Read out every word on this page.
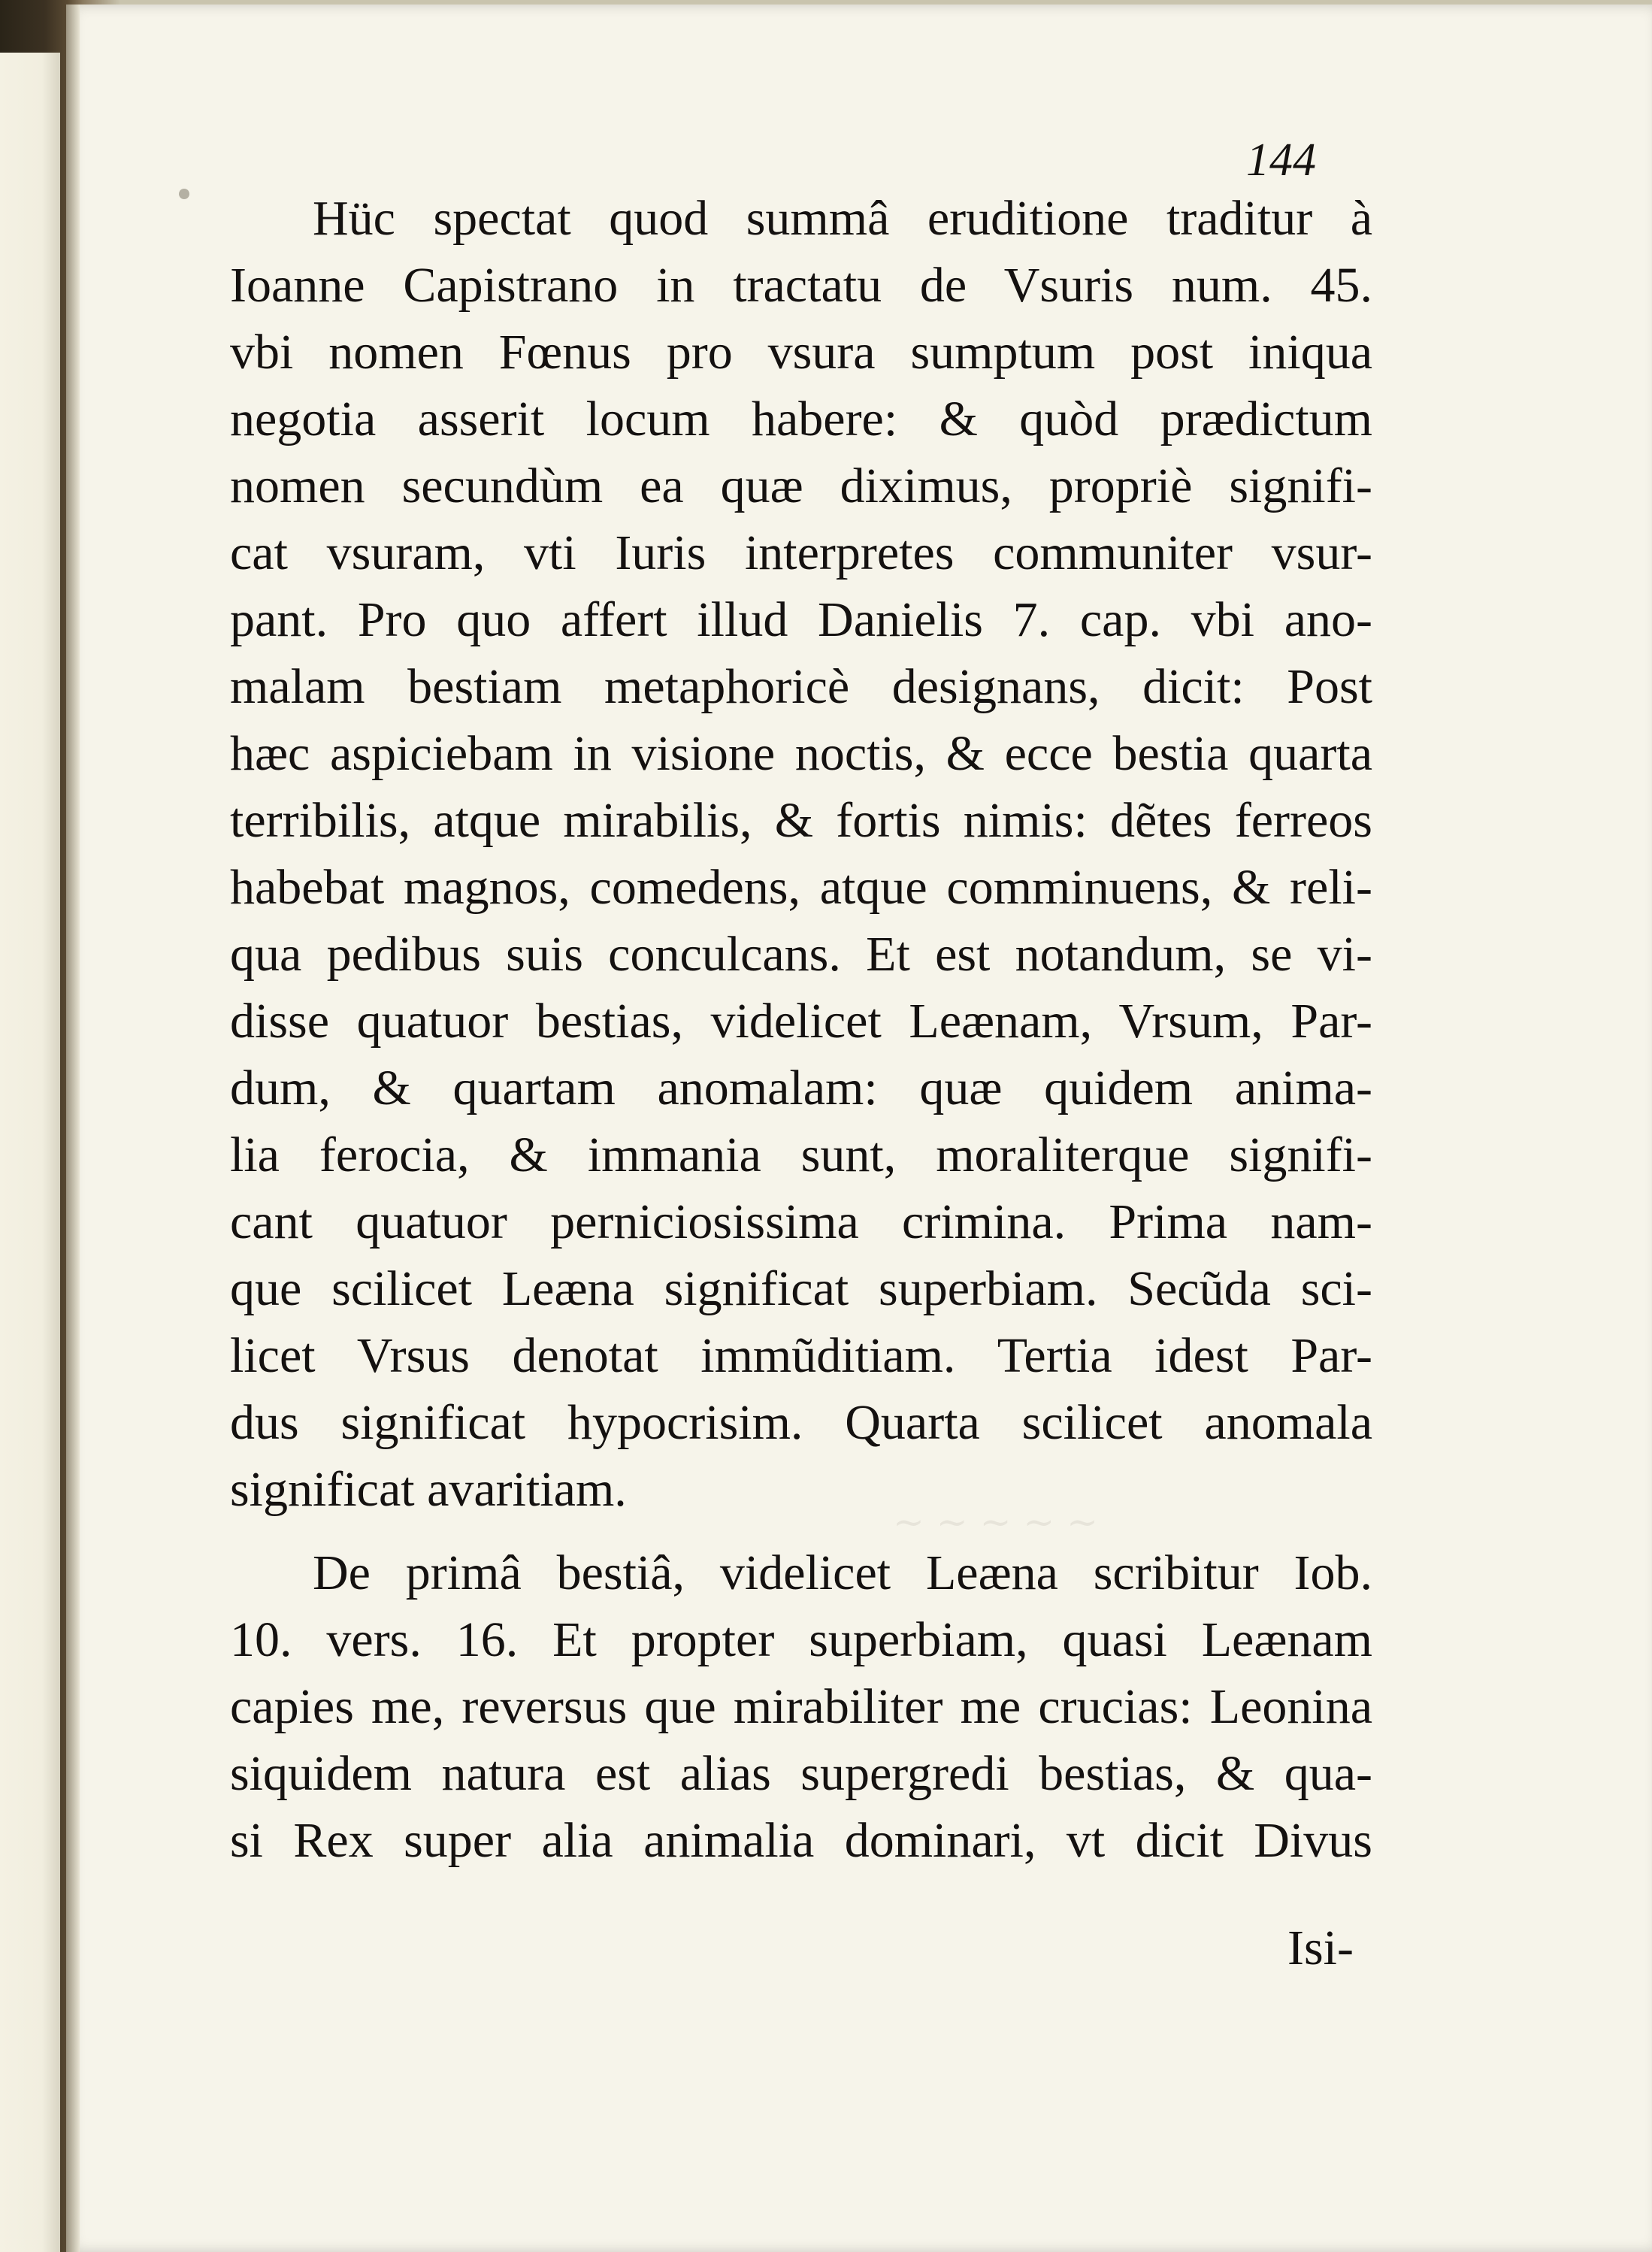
~ ~ ~ ~ ~
144
Hüc spectat quod summâ eruditione traditur à
Ioanne Capistrano in tractatu de Vsuris num. 45.
vbi nomen Fœnus pro vsura sumptum post iniqua
negotia asserit locum habere: & quòd prædictum
nomen secundùm ea quæ diximus, propriè signifi-
cat vsuram, vti Iuris interpretes communiter vsur-
pant. Pro quo affert illud Danielis 7. cap. vbi ano-
malam bestiam metaphoricè designans, dicit: Post
hæc aspiciebam in visione noctis, & ecce bestia quarta
terribilis, atque mirabilis, & fortis nimis: dẽtes ferreos
habebat magnos, comedens, atque comminuens, & reli-
qua pedibus suis conculcans. Et est notandum, se vi-
disse quatuor bestias, videlicet Leænam, Vrsum, Par-
dum, & quartam anomalam: quæ quidem anima-
lia ferocia, & immania sunt, moraliterque signifi-
cant quatuor perniciosissima crimina. Prima nam-
que scilicet Leæna significat superbiam. Secũda sci-
licet Vrsus denotat immũditiam. Tertia idest Par-
dus significat hypocrisim. Quarta scilicet anomala
significat avaritiam.
De primâ bestiâ, videlicet Leæna scribitur Iob.
10. vers. 16. Et propter superbiam, quasi Leænam
capies me, reversus que mirabiliter me crucias: Leonina
siquidem natura est alias supergredi bestias, & qua-
si Rex super alia animalia dominari, vt dicit Divus
Isi-
